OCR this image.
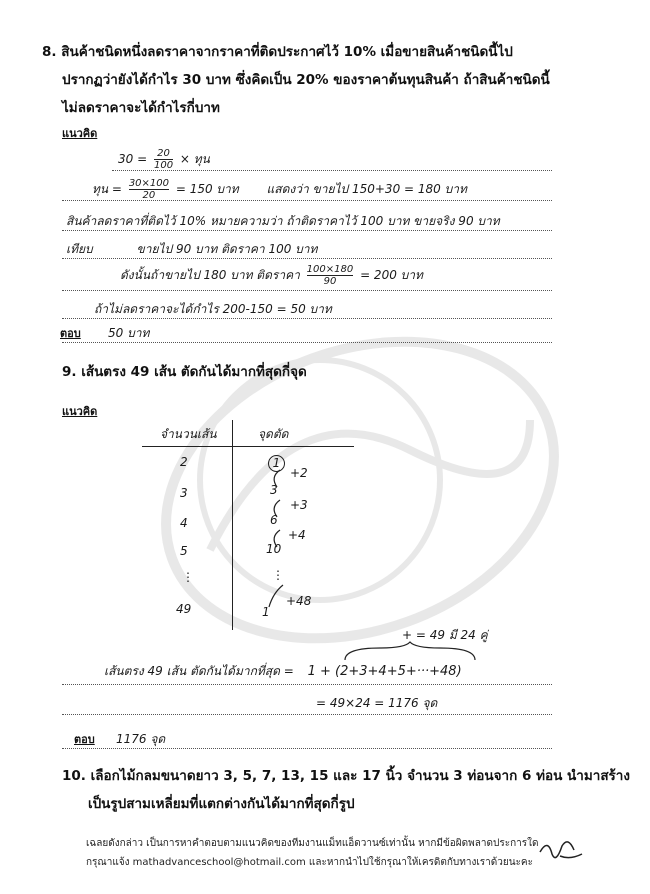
8. สินค้าชนิดหนึ่งลดราคาจากราคาที่ติดประกาศไว้ 10% เมื่อขายสินค้าชนิดนี้ไป
ปรากฏว่ายังได้กำไร 30 บาท ซึ่งคิดเป็น 20% ของราคาต้นทุนสินค้า ถ้าสินค้าชนิดนี้
ไม่ลดราคาจะได้กำไรกี่บาท
แนวคิด
$30 = \frac{20}{100}$ × ทุน
ทุน = $\frac{30\times 100}{20} = 150$ บาท แสดงว่า ขายไป 150+30 = 180 บาท
สินค้าลดราคาที่ติดไว้ 10% หมายความว่า ถ้าติดราคาไว้ 100 บาท ขายจริง 90 บาท
เทียบ	ขายไป 90 บาท ติดราคา 100 บาท
ดังนั้นถ้าขายไป 180 บาท ติดราคา $\frac{100\times 180}{90} = 200$ บาท
ถ้าไม่ลดราคาจะได้กำไร 200-150 = 50 บาท
ตอบ 50 บาท
9. เส้นตรง 49 เส้น ตัดกันได้มากที่สุดกี่จุด
แนวคิด
จำนวนเส้น	จุดตัด
2
3
4
5
⋮
49
1
3
6
10
⋮
1
+2
+3
+4
+48
+ = 49 มี 24 คู่
เส้นตรง 49 เส้น ตัดกันได้มากที่สุด = 1 + (2+3+4+5+···+48)
= 49×24 = 1176 จุด
ตอบ 1176 จุด
10. เลือกไม้กลมขนาดยาว 3, 5, 7, 13, 15 และ 17 นิ้ว จำนวน 3 ท่อนจาก 6 ท่อน นำมาสร้าง
เป็นรูปสามเหลี่ยมที่แตกต่างกันได้มากที่สุดกี่รูป
เฉลยดังกล่าว เป็นการหาคำตอบตามแนวคิดของทีมงานแม็ทแอ็ดวานซ์เท่านั้น หากมีข้อผิดพลาดประการใด
กรุณาแจ้ง mathadvanceschool@hotmail.com และหากนำไปใช้กรุณาให้เครดิตกับทางเราด้วยนะคะ
